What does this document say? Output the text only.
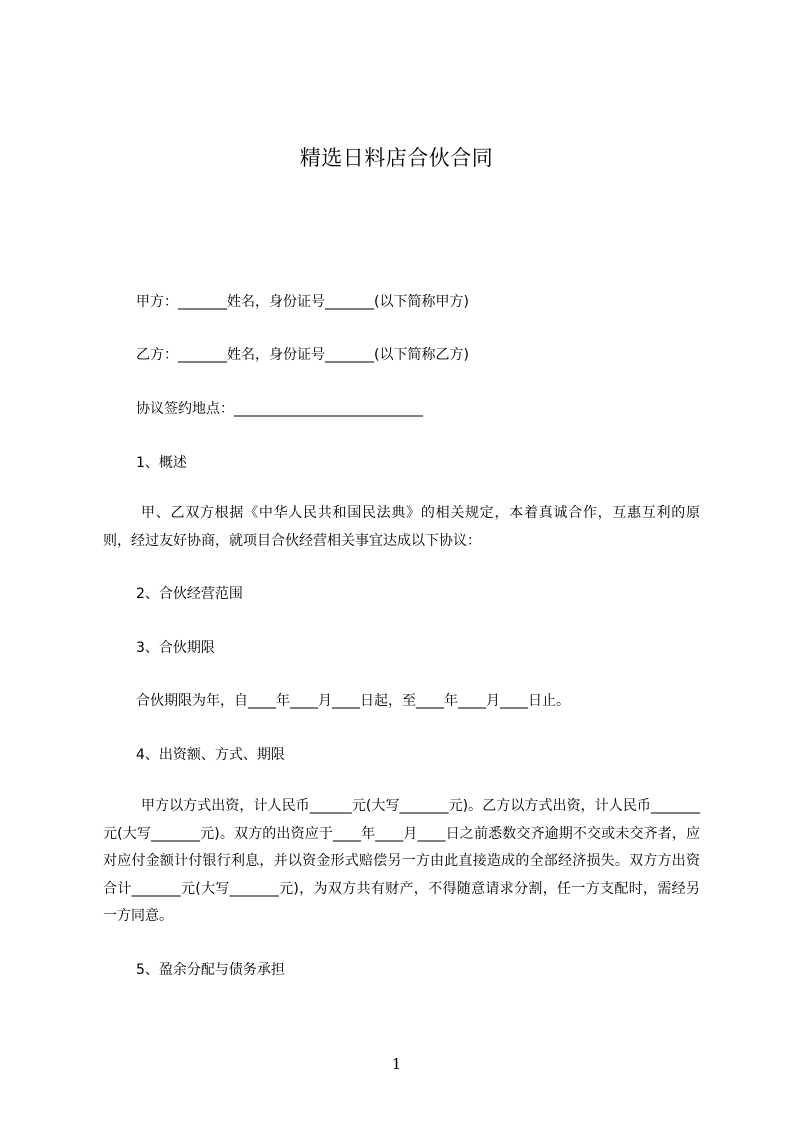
精选日料店合伙合同
甲方：_______姓名，身份证号_______(以下简称甲方)
乙方：_______姓名，身份证号_______(以下简称乙方)
协议签约地点：___________________________
1、概述
甲、乙双方根据《中华人民共和国民法典》的相关规定，本着真诚合作，互惠互利的原则，经过友好协商，就项目合伙经营相关事宜达成以下协议：
2、合伙经营范围
3、合伙期限
合伙期限为年，自____年____月____日起，至____年____月____日止。
4、出资额、方式、期限
甲方以方式出资，计人民币______元(大写_______元)。乙方以方式出资，计人民币_______元(大写_______元)。双方的出资应于____年____月____日之前悉数交齐逾期不交或未交齐者，应对应付金额计付银行利息，并以资金形式赔偿另一方由此直接造成的全部经济损失。双方方出资合计_______元(大写_______元)，为双方共有财产，不得随意请求分割，任一方支配时，需经另一方同意。
5、盈余分配与债务承担
1
